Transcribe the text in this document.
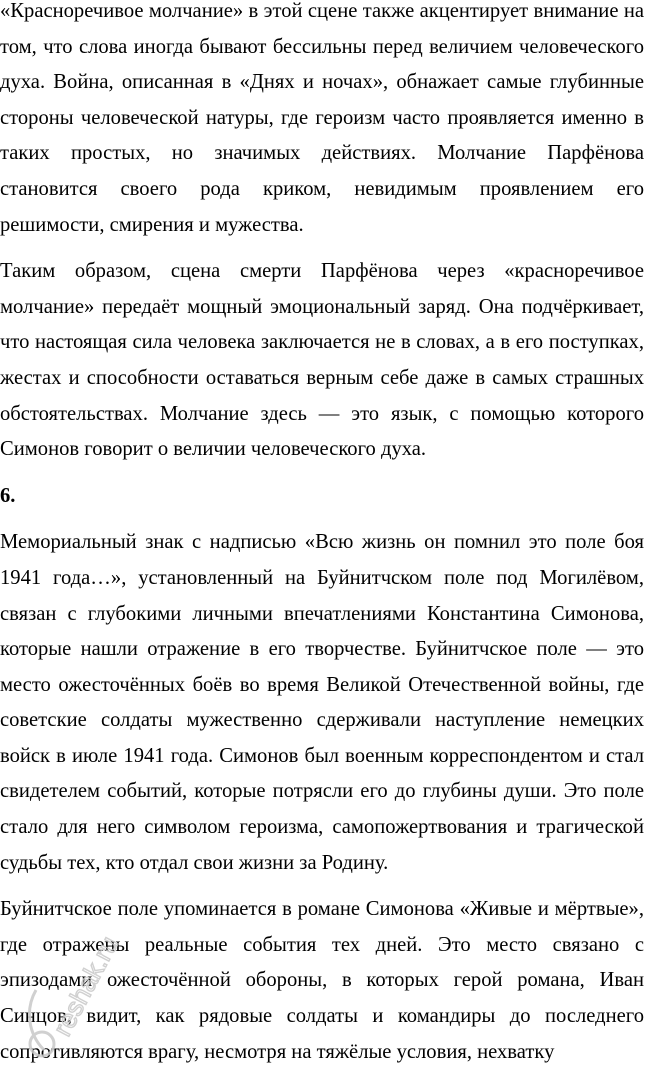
«Красноречивое молчание» в этой сцене также акцентирует внимание на том, что слова иногда бывают бессильны перед величием человеческого духа. Война, описанная в «Днях и ночах», обнажает самые глубинные стороны человеческой натуры, где героизм часто проявляется именно в таких простых, но значимых действиях. Молчание Парфёнова становится своего рода криком, невидимым проявлением его решимости, смирения и мужества.

Таким образом, сцена смерти Парфёнова через «красноречивое молчание» передаёт мощный эмоциональный заряд. Она подчёркивает, что настоящая сила человека заключается не в словах, а в его поступках, жестах и способности оставаться верным себе даже в самых страшных обстоятельствах. Молчание здесь — это язык, с помощью которого Симонов говорит о величии человеческого духа.

6.

Мемориальный знак с надписью «Всю жизнь он помнил это поле боя 1941 года…», установленный на Буйнитчском поле под Могилёвом, связан с глубокими личными впечатлениями Константина Симонова, которые нашли отражение в его творчестве. Буйнитчское поле — это место ожесточённых боёв во время Великой Отечественной войны, где советские солдаты мужественно сдерживали наступление немецких войск в июле 1941 года. Симонов был военным корреспондентом и стал свидетелем событий, которые потрясли его до глубины души. Это поле стало для него символом героизма, самопожертвования и трагической судьбы тех, кто отдал свои жизни за Родину.

Буйнитчское поле упоминается в романе Симонова «Живые и мёртвые», где отражены реальные события тех дней. Это место связано с эпизодами ожесточённой обороны, в которых герой романа, Иван Синцов, видит, как рядовые солдаты и командиры до последнего сопротивляются врагу, несмотря на тяжёлые условия, нехватку

reshak.ru
